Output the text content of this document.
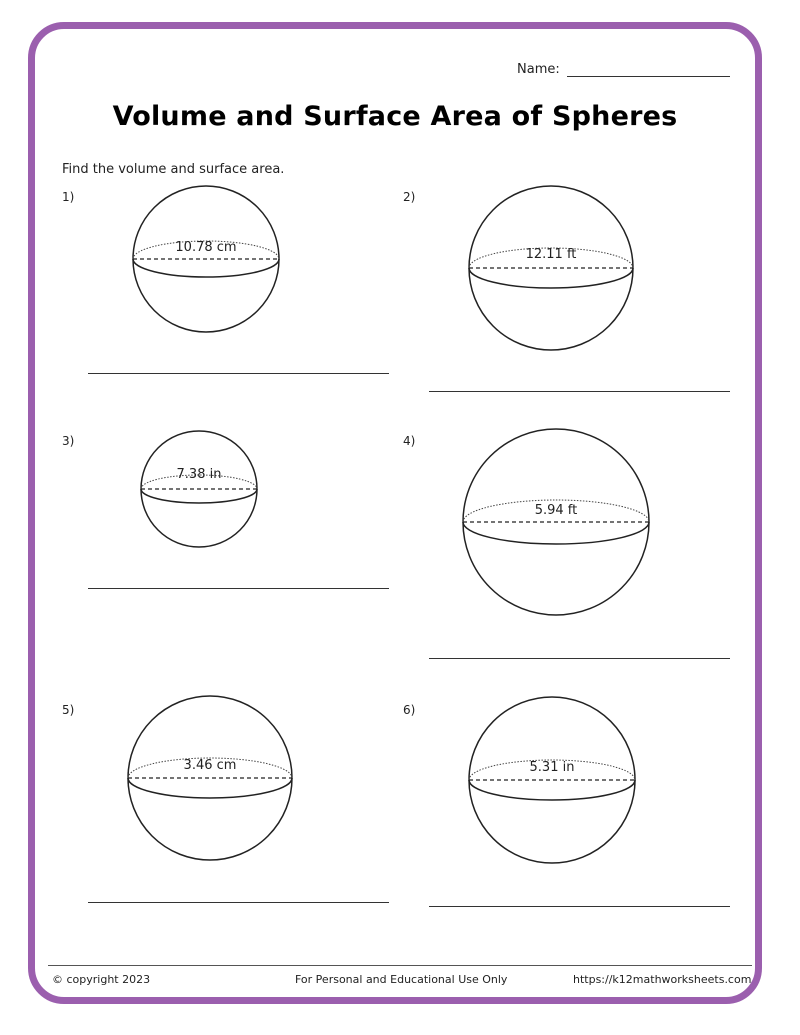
Name:
Volume and Surface Area of Spheres
Find the volume and surface area.
1)	2)
3)	4)
5)	6)
10.78 cm	12.11 ft
7.38 in
5.94 ft
3.46 cm	5.31 in
© copyright 2023	For Personal and Educational Use Only	https://k12mathworksheets.com
